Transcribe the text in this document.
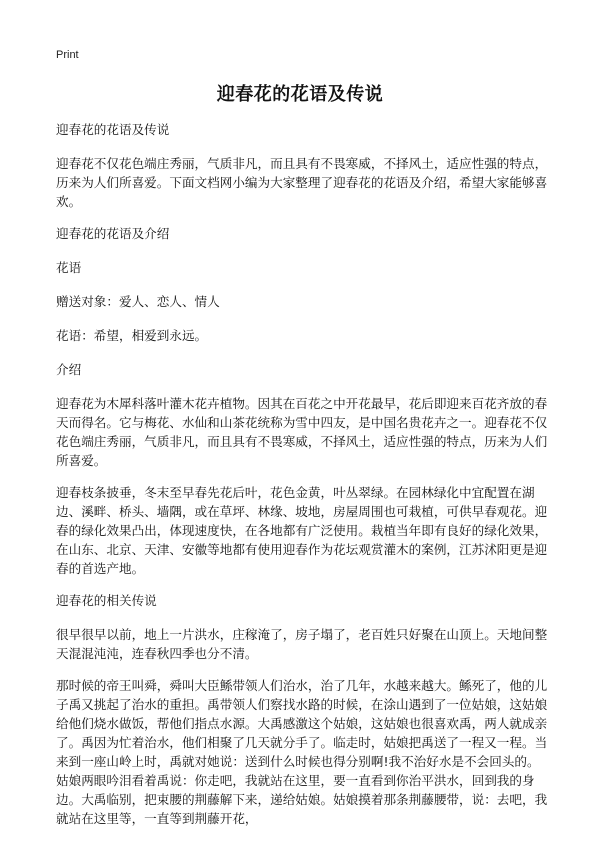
Print
迎春花的花语及传说

迎春花的花语及传说

迎春花不仅花色端庄秀丽，气质非凡，而且具有不畏寒威，不择风土，适应性强的特点，历来为人们所喜爱。下面文档网小编为大家整理了迎春花的花语及介绍，希望大家能够喜欢。

迎春花的花语及介绍

花语

赠送对象：爱人、恋人、情人

花语：希望，相爱到永远。

介绍

迎春花为木犀科落叶灌木花卉植物。因其在百花之中开花最早，花后即迎来百花齐放的春天而得名。它与梅花、水仙和山茶花统称为雪中四友，是中国名贵花卉之一。迎春花不仅花色端庄秀丽，气质非凡，而且具有不畏寒威，不择风土，适应性强的特点，历来为人们所喜爱。

迎春枝条披垂，冬末至早春先花后叶，花色金黄，叶丛翠绿。在园林绿化中宜配置在湖边、溪畔、桥头、墙隅，或在草坪、林缘、坡地，房屋周围也可栽植，可供早春观花。迎春的绿化效果凸出，体现速度快，在各地都有广泛使用。栽植当年即有良好的绿化效果，在山东、北京、天津、安徽等地都有使用迎春作为花坛观赏灌木的案例，江苏沭阳更是迎春的首选产地。

迎春花的相关传说

很早很早以前，地上一片洪水，庄稼淹了，房子塌了，老百姓只好聚在山顶上。天地间整天混混沌沌，连春秋四季也分不清。

那时候的帝王叫舜，舜叫大臣鲧带领人们治水，治了几年，水越来越大。鲧死了，他的儿子禹又挑起了治水的重担。禹带领人们察找水路的时候，在涂山遇到了一位姑娘，这姑娘给他们烧水做饭，帮他们指点水源。大禹感激这个姑娘，这姑娘也很喜欢禹，两人就成亲了。禹因为忙着治水，他们相聚了几天就分手了。临走时，姑娘把禹送了一程又一程。当来到一座山岭上时，禹就对她说：送到什么时候也得分别啊!我不治好水是不会回头的。姑娘两眼吟泪看着禹说：你走吧，我就站在这里，要一直看到你治平洪水，回到我的身边。大禹临别，把束腰的荆藤解下来，递给姑娘。姑娘摸着那条荆藤腰带，说：去吧，我就站在这里等，一直等到荆藤开花，
